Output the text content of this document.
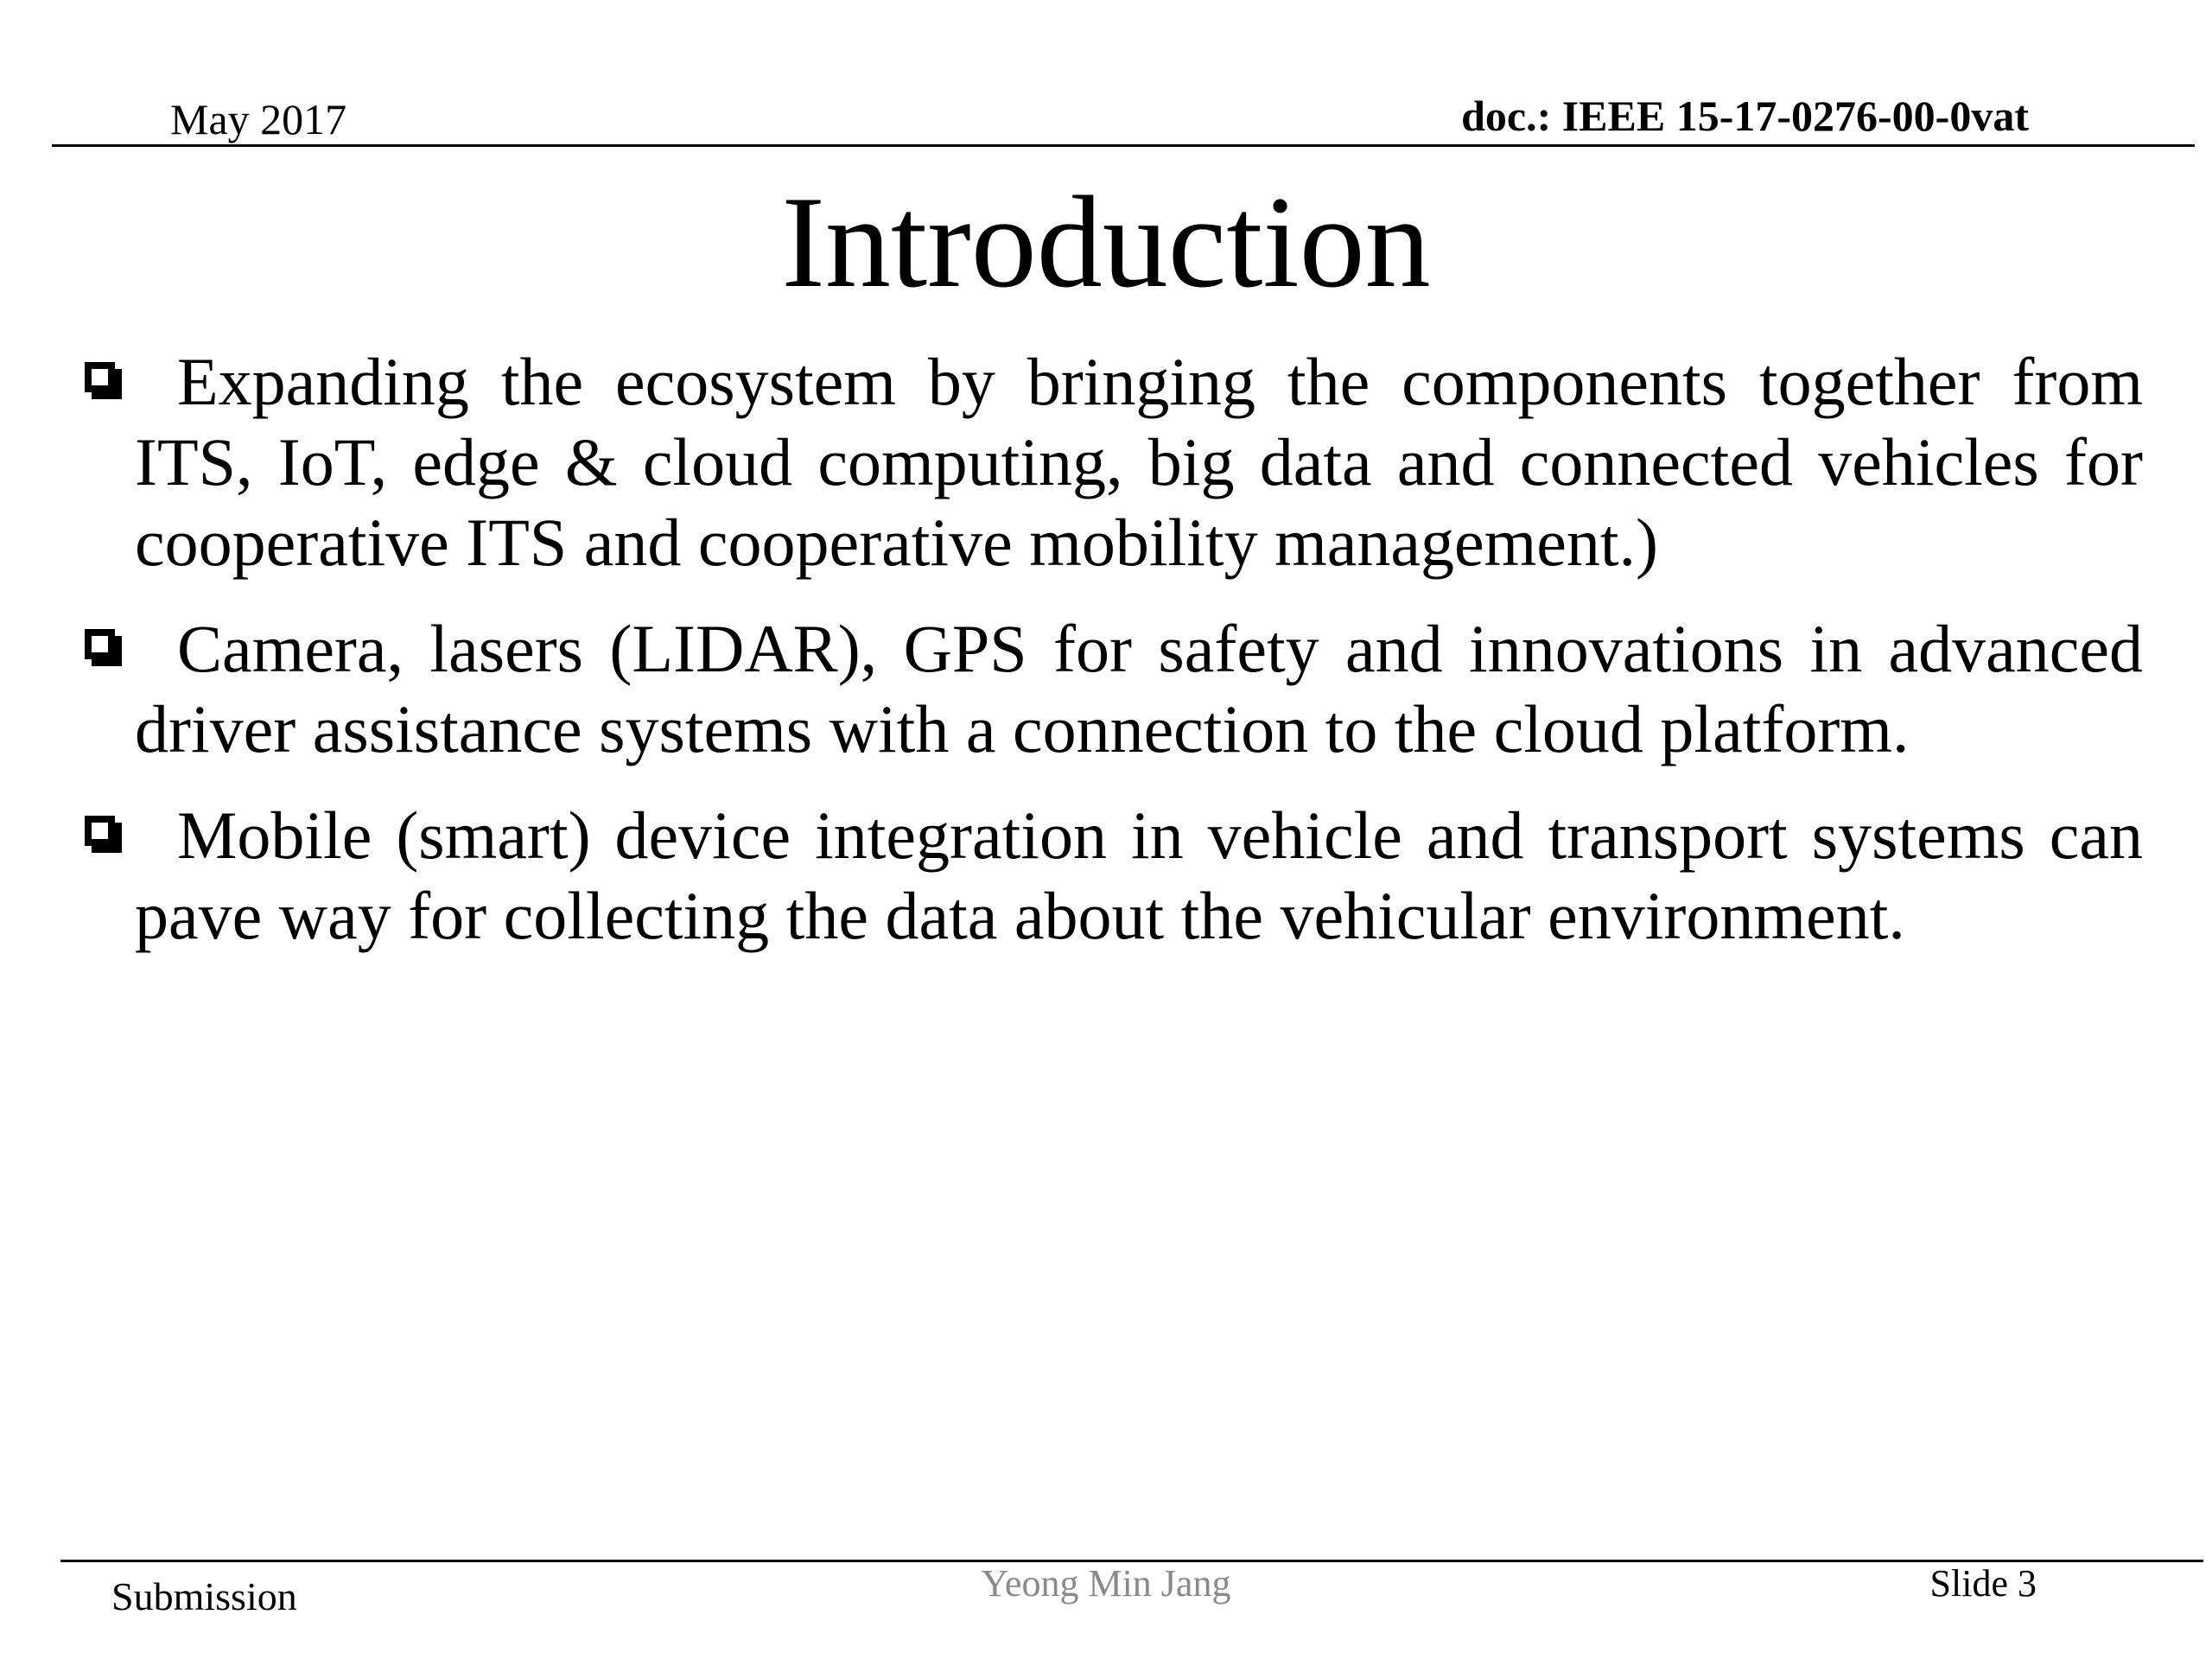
May 2017	doc.: IEEE 15-17-0276-00-0vat
Introduction
Expanding the ecosystem by bringing the components together from ITS, IoT, edge & cloud computing, big data and connected vehicles for cooperative ITS and cooperative mobility management.)
Camera, lasers (LIDAR), GPS for safety and innovations in advanced driver assistance systems with a connection to the cloud platform.
Mobile (smart) device integration in vehicle and transport systems can pave way for collecting the data about the vehicular environment.
Submission	Yeong Min Jang	Slide 3
